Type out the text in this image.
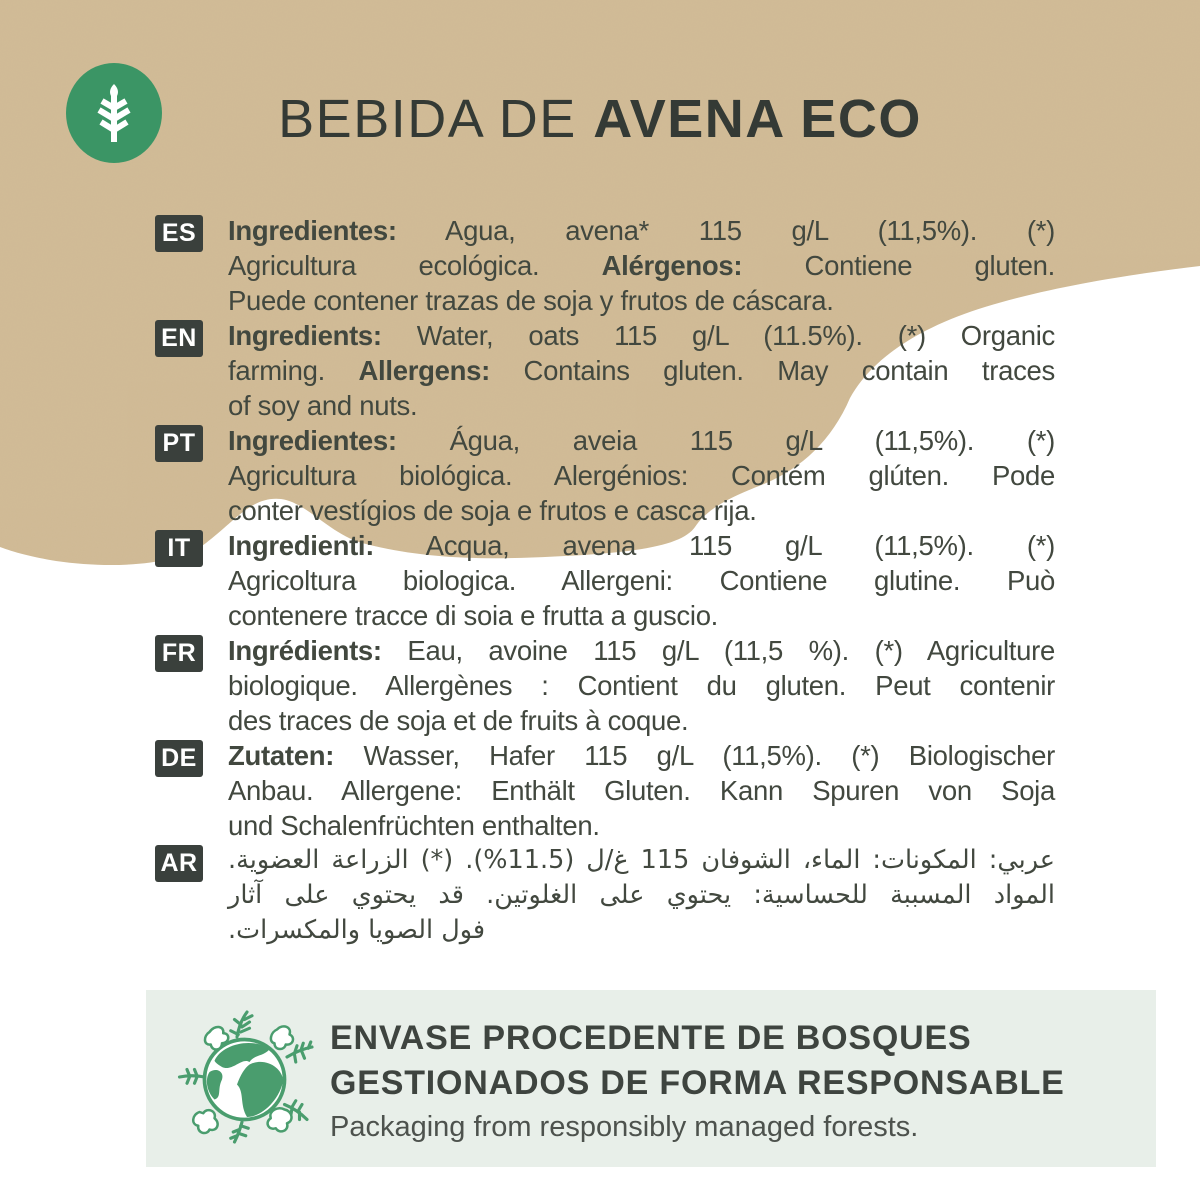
BEBIDA DE AVENA ECO
ES Ingredientes: Agua, avena* 115 g/L (11,5%). (*)
Agricultura ecológica. Alérgenos: Contiene gluten.
Puede contener trazas de soja y frutos de cáscara.
EN Ingredients: Water, oats 115 g/L (11.5%). (*) Organic
farming. Allergens: Contains gluten. May contain traces
of soy and nuts.
PT Ingredientes: Água, aveia 115 g/L (11,5%). (*)
Agricultura biológica. Alergénios: Contém glúten. Pode
conter vestígios de soja e frutos e casca rija.
IT	Ingredienti: Acqua, avena 115 g/L (11,5%). (*)
Agricoltura biologica. Allergeni: Contiene glutine. Può
contenere tracce di soia e frutta a guscio.
FR Ingrédients: Eau, avoine 115 g/L (11,5 %). (*) Agriculture
biologique. Allergènes : Contient du gluten. Peut contenir
des traces de soja et de fruits à coque.
DE Zutaten: Wasser, Hafer 115 g/L (11,5%). (*) Biologischer
Anbau. Allergene: Enthält Gluten. Kann Spuren von Soja
und Schalenfrüchten enthalten.
AR عربي: المكونات: الماء، الشوفان 115 غ/ل (11.5%). (*) الزراعة العضوية.
المواد المسببة للحساسية: يحتوي على الغلوتين. قد يحتوي على آثار
فول الصويا والمكسرات.
ENVASE PROCEDENTE DE BOSQUES
GESTIONADOS DE FORMA RESPONSABLE
Packaging from responsibly managed forests.
